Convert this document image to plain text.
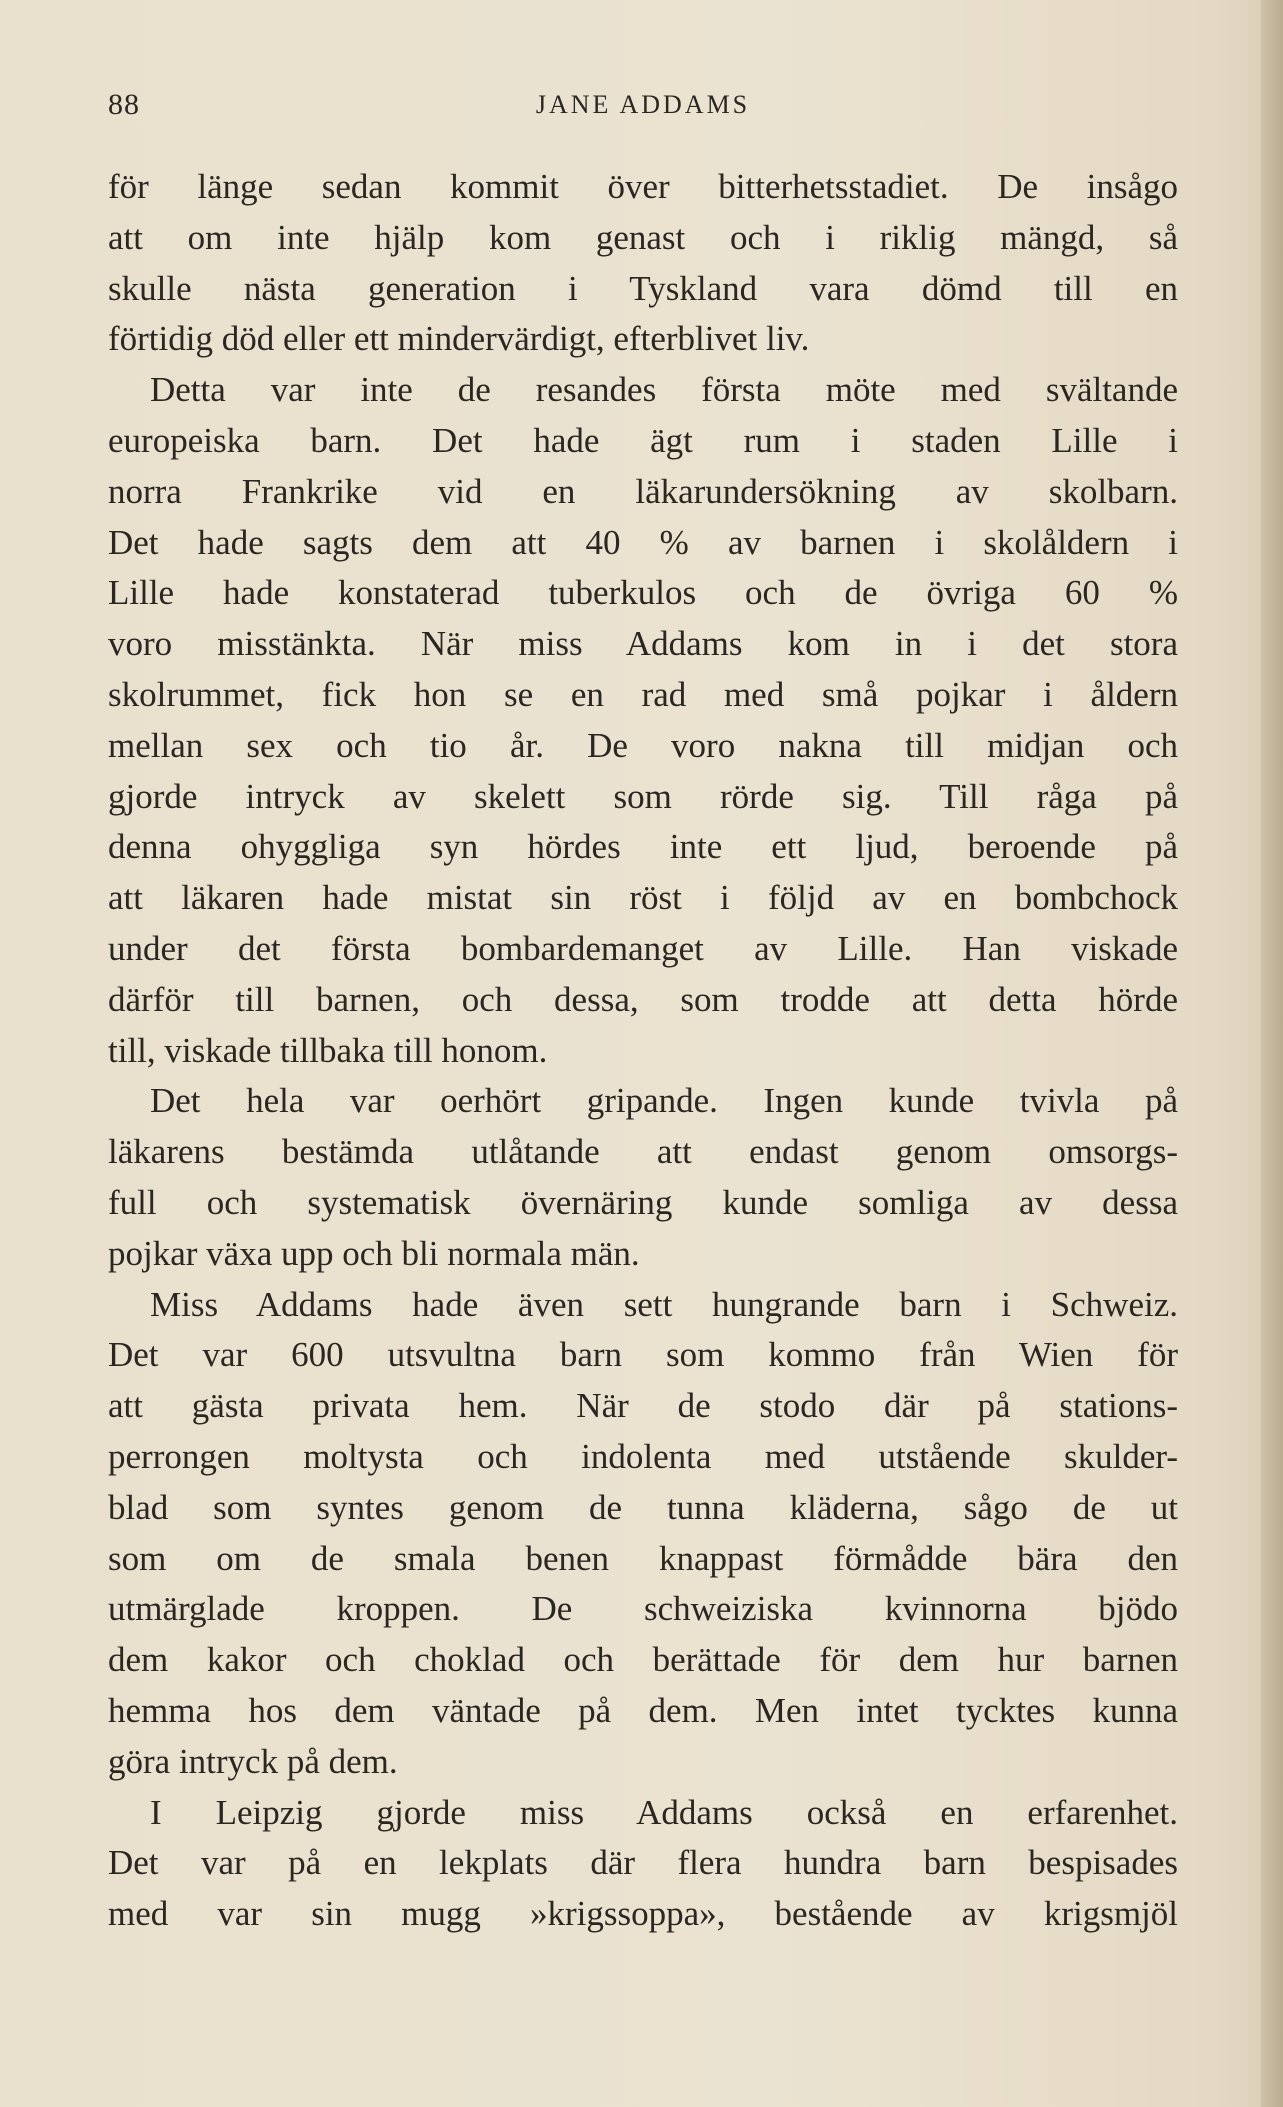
88	JANE ADDAMS
för länge sedan kommit över bitterhetsstadiet. De insågo
att om inte hjälp kom genast och i riklig mängd, så
skulle nästa generation i Tyskland vara dömd till en
förtidig död eller ett mindervärdigt, efterblivet liv.
Detta var inte de resandes första möte med svältande
europeiska barn. Det hade ägt rum i staden Lille i
norra Frankrike vid en läkarundersökning av skolbarn.
Det hade sagts dem att 40 % av barnen i skolåldern i
Lille hade konstaterad tuberkulos och de övriga 60 %
voro misstänkta. När miss Addams kom in i det stora
skolrummet, fick hon se en rad med små pojkar i åldern
mellan sex och tio år. De voro nakna till midjan och
gjorde intryck av skelett som rörde sig. Till råga på
denna ohyggliga syn hördes inte ett ljud, beroende på
att läkaren hade mistat sin röst i följd av en bombchock
under det första bombardemanget av Lille. Han viskade
därför till barnen, och dessa, som trodde att detta hörde
till, viskade tillbaka till honom.
Det hela var oerhört gripande. Ingen kunde tvivla på
läkarens bestämda utlåtande att endast genom omsorgs-
full och systematisk övernäring kunde somliga av dessa
pojkar växa upp och bli normala män.
Miss Addams hade även sett hungrande barn i Schweiz.
Det var 600 utsvultna barn som kommo från Wien för
att gästa privata hem. När de stodo där på stations-
perrongen moltysta och indolenta med utstående skulder-
blad som syntes genom de tunna kläderna, sågo de ut
som om de smala benen knappast förmådde bära den
utmärglade kroppen. De schweiziska kvinnorna bjödo
dem kakor och choklad och berättade för dem hur barnen
hemma hos dem väntade på dem. Men intet tycktes kunna
göra intryck på dem.
I Leipzig gjorde miss Addams också en erfarenhet.
Det var på en lekplats där flera hundra barn bespisades
med var sin mugg »krigssoppa», bestående av krigsmjöl
